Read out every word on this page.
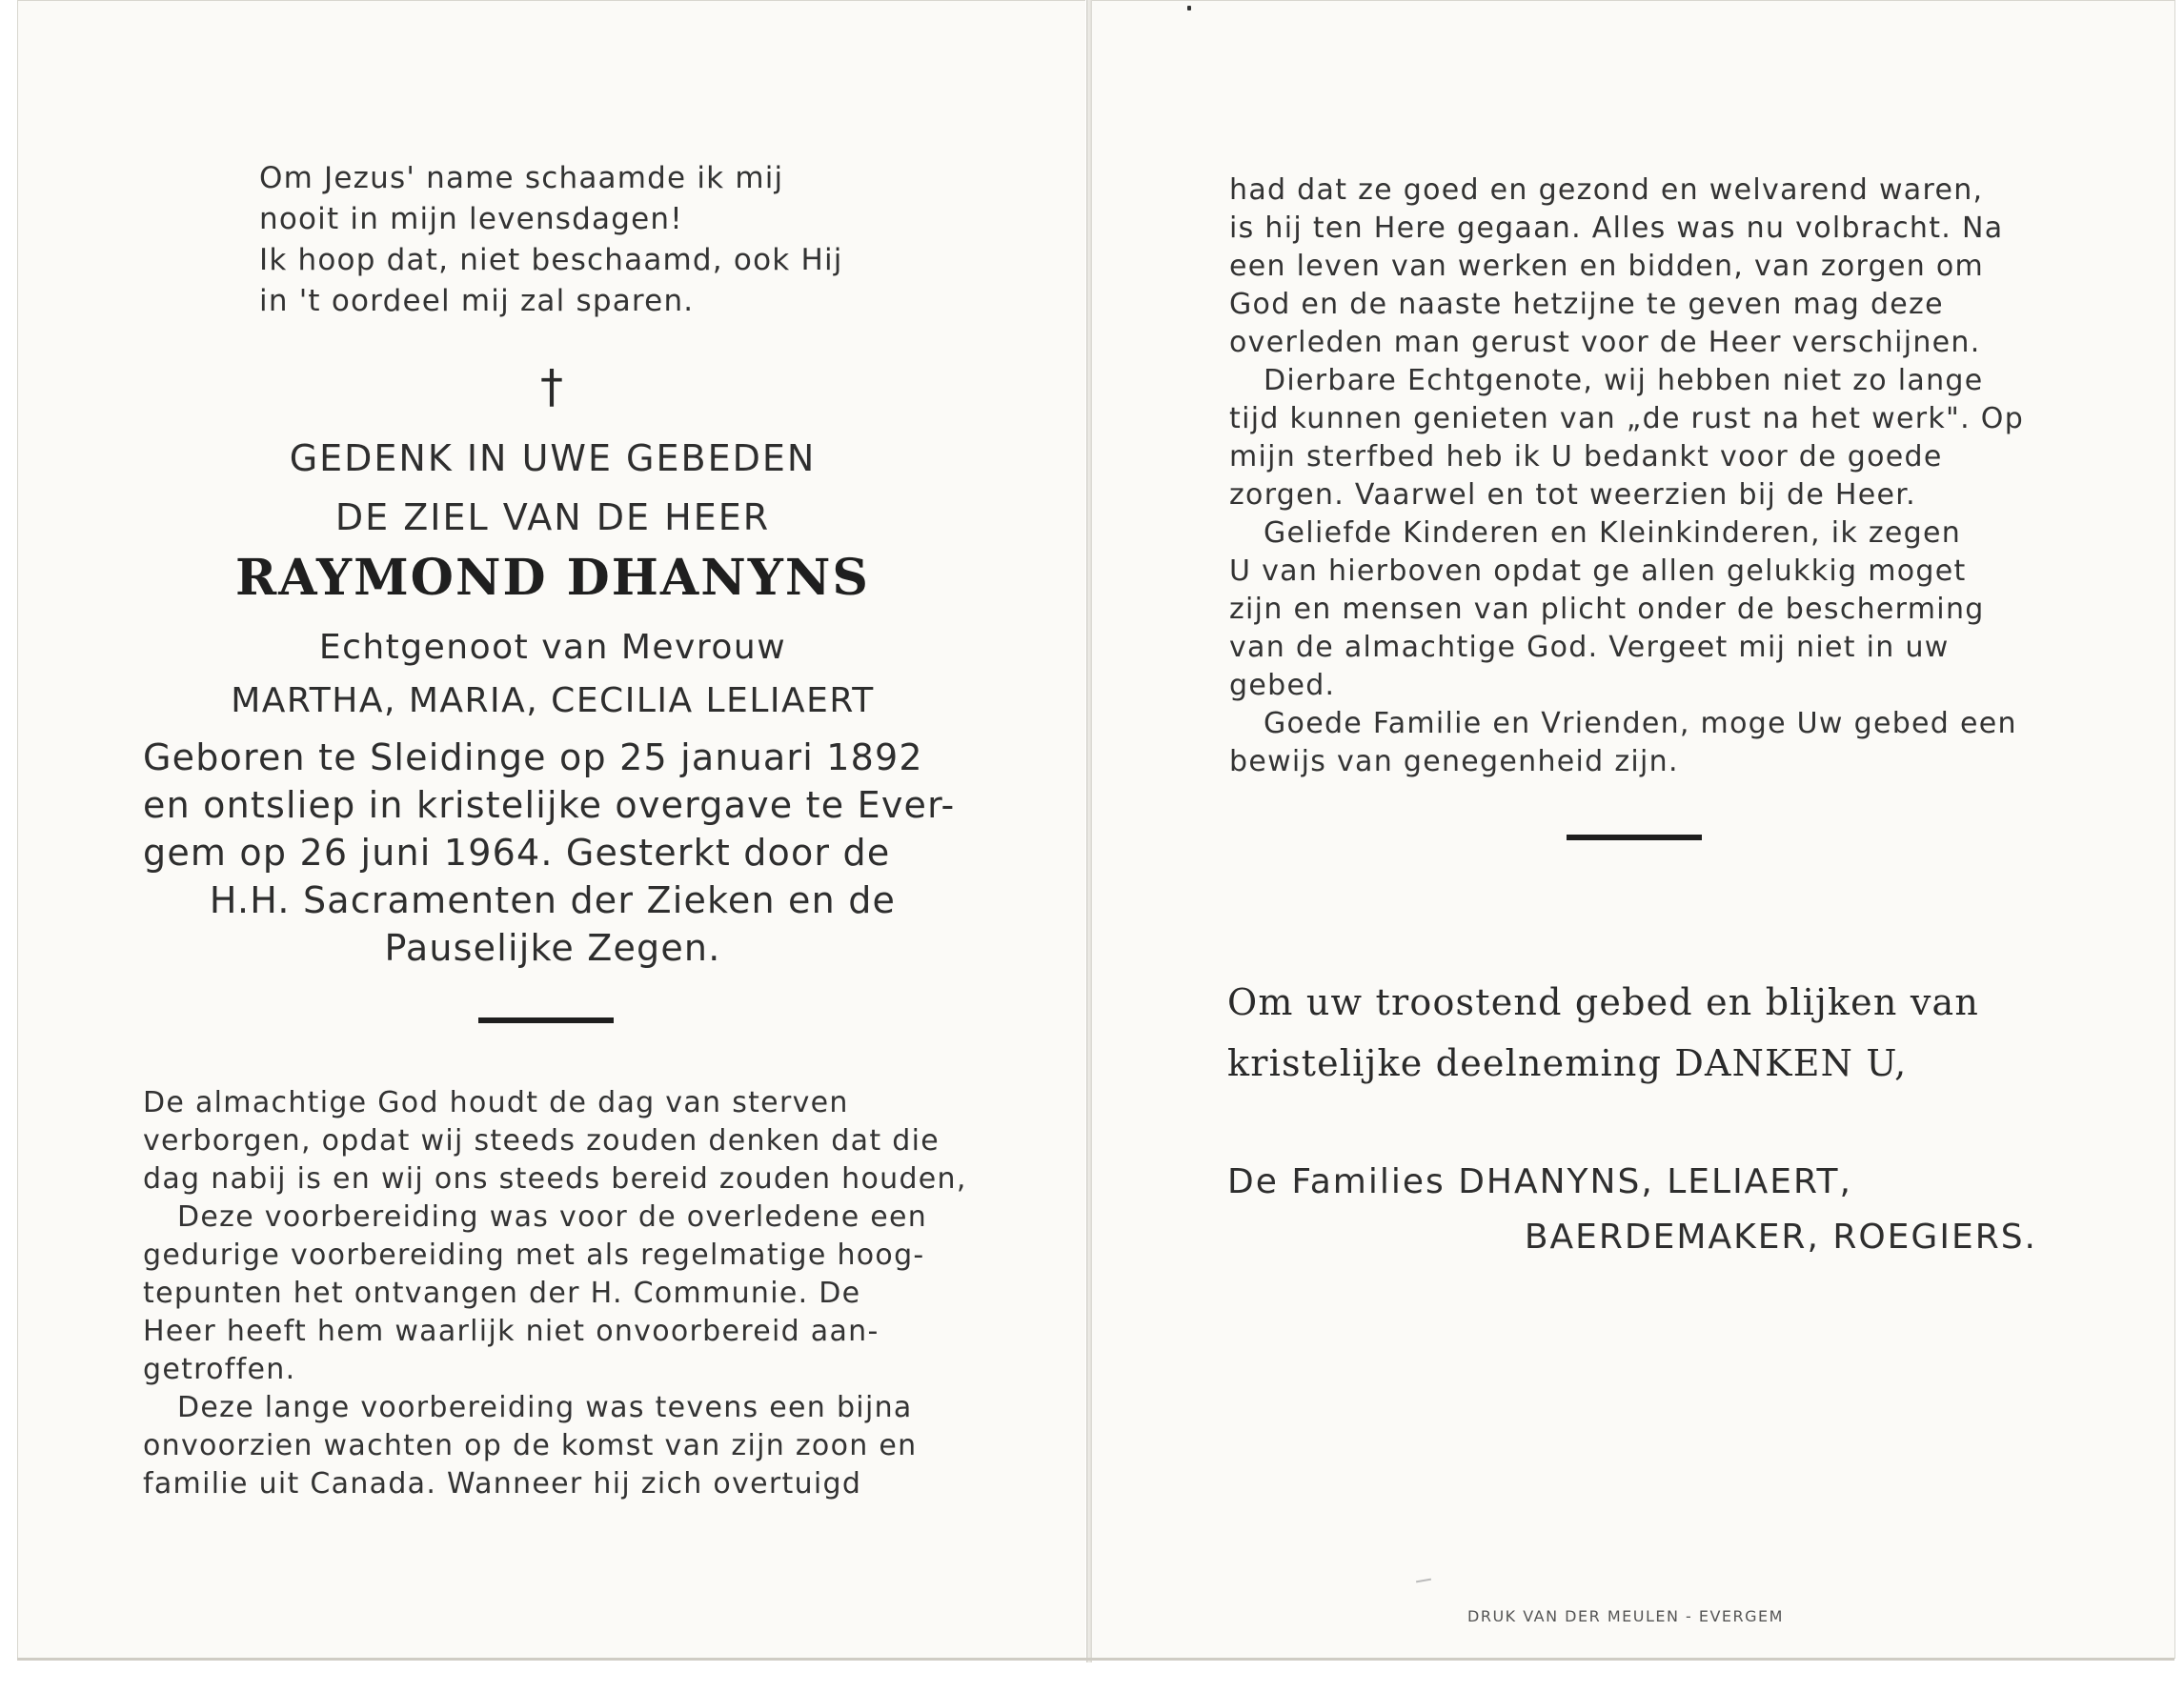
Om Jezus' name schaamde ik mij
nooit in mijn levensdagen!
Ik hoop dat, niet beschaamd, ook Hij
in 't oordeel mij zal sparen.
†
GEDENK IN UWE GEBEDEN
DE ZIEL VAN DE HEER
RAYMOND DHANYNS
Echtgenoot van Mevrouw
MARTHA, MARIA, CECILIA LELIAERT
Geboren te Sleidinge op 25 januari 1892
en ontsliep in kristelijke overgave te Ever-
gem op 26 juni 1964. Gesterkt door de
H.H. Sacramenten der Zieken en de
Pauselijke Zegen.
De almachtige God houdt de dag van sterven
verborgen, opdat wij steeds zouden denken dat die
dag nabij is en wij ons steeds bereid zouden houden,
Deze voorbereiding was voor de overledene een
gedurige voorbereiding met als regelmatige hoog-
tepunten het ontvangen der H. Communie. De
Heer heeft hem waarlijk niet onvoorbereid aan-
getroffen.
Deze lange voorbereiding was tevens een bijna
onvoorzien wachten op de komst van zijn zoon en
familie uit Canada. Wanneer hij zich overtuigd
had dat ze goed en gezond en welvarend waren,
is hij ten Here gegaan. Alles was nu volbracht. Na
een leven van werken en bidden, van zorgen om
God en de naaste hetzijne te geven mag deze
overleden man gerust voor de Heer verschijnen.
Dierbare Echtgenote, wij hebben niet zo lange
tijd kunnen genieten van „de rust na het werk". Op
mijn sterfbed heb ik U bedankt voor de goede
zorgen. Vaarwel en tot weerzien bij de Heer.
Geliefde Kinderen en Kleinkinderen, ik zegen
U van hierboven opdat ge allen gelukkig moget
zijn en mensen van plicht onder de bescherming
van de almachtige God. Vergeet mij niet in uw
gebed.
Goede Familie en Vrienden, moge Uw gebed een
bewijs van genegenheid zijn.
Om uw troostend gebed en blijken van
kristelijke deelneming DANKEN U,
De Families DHANYNS, LELIAERT,
BAERDEMAKER, ROEGIERS.
DRUK VAN DER MEULEN - EVERGEM
